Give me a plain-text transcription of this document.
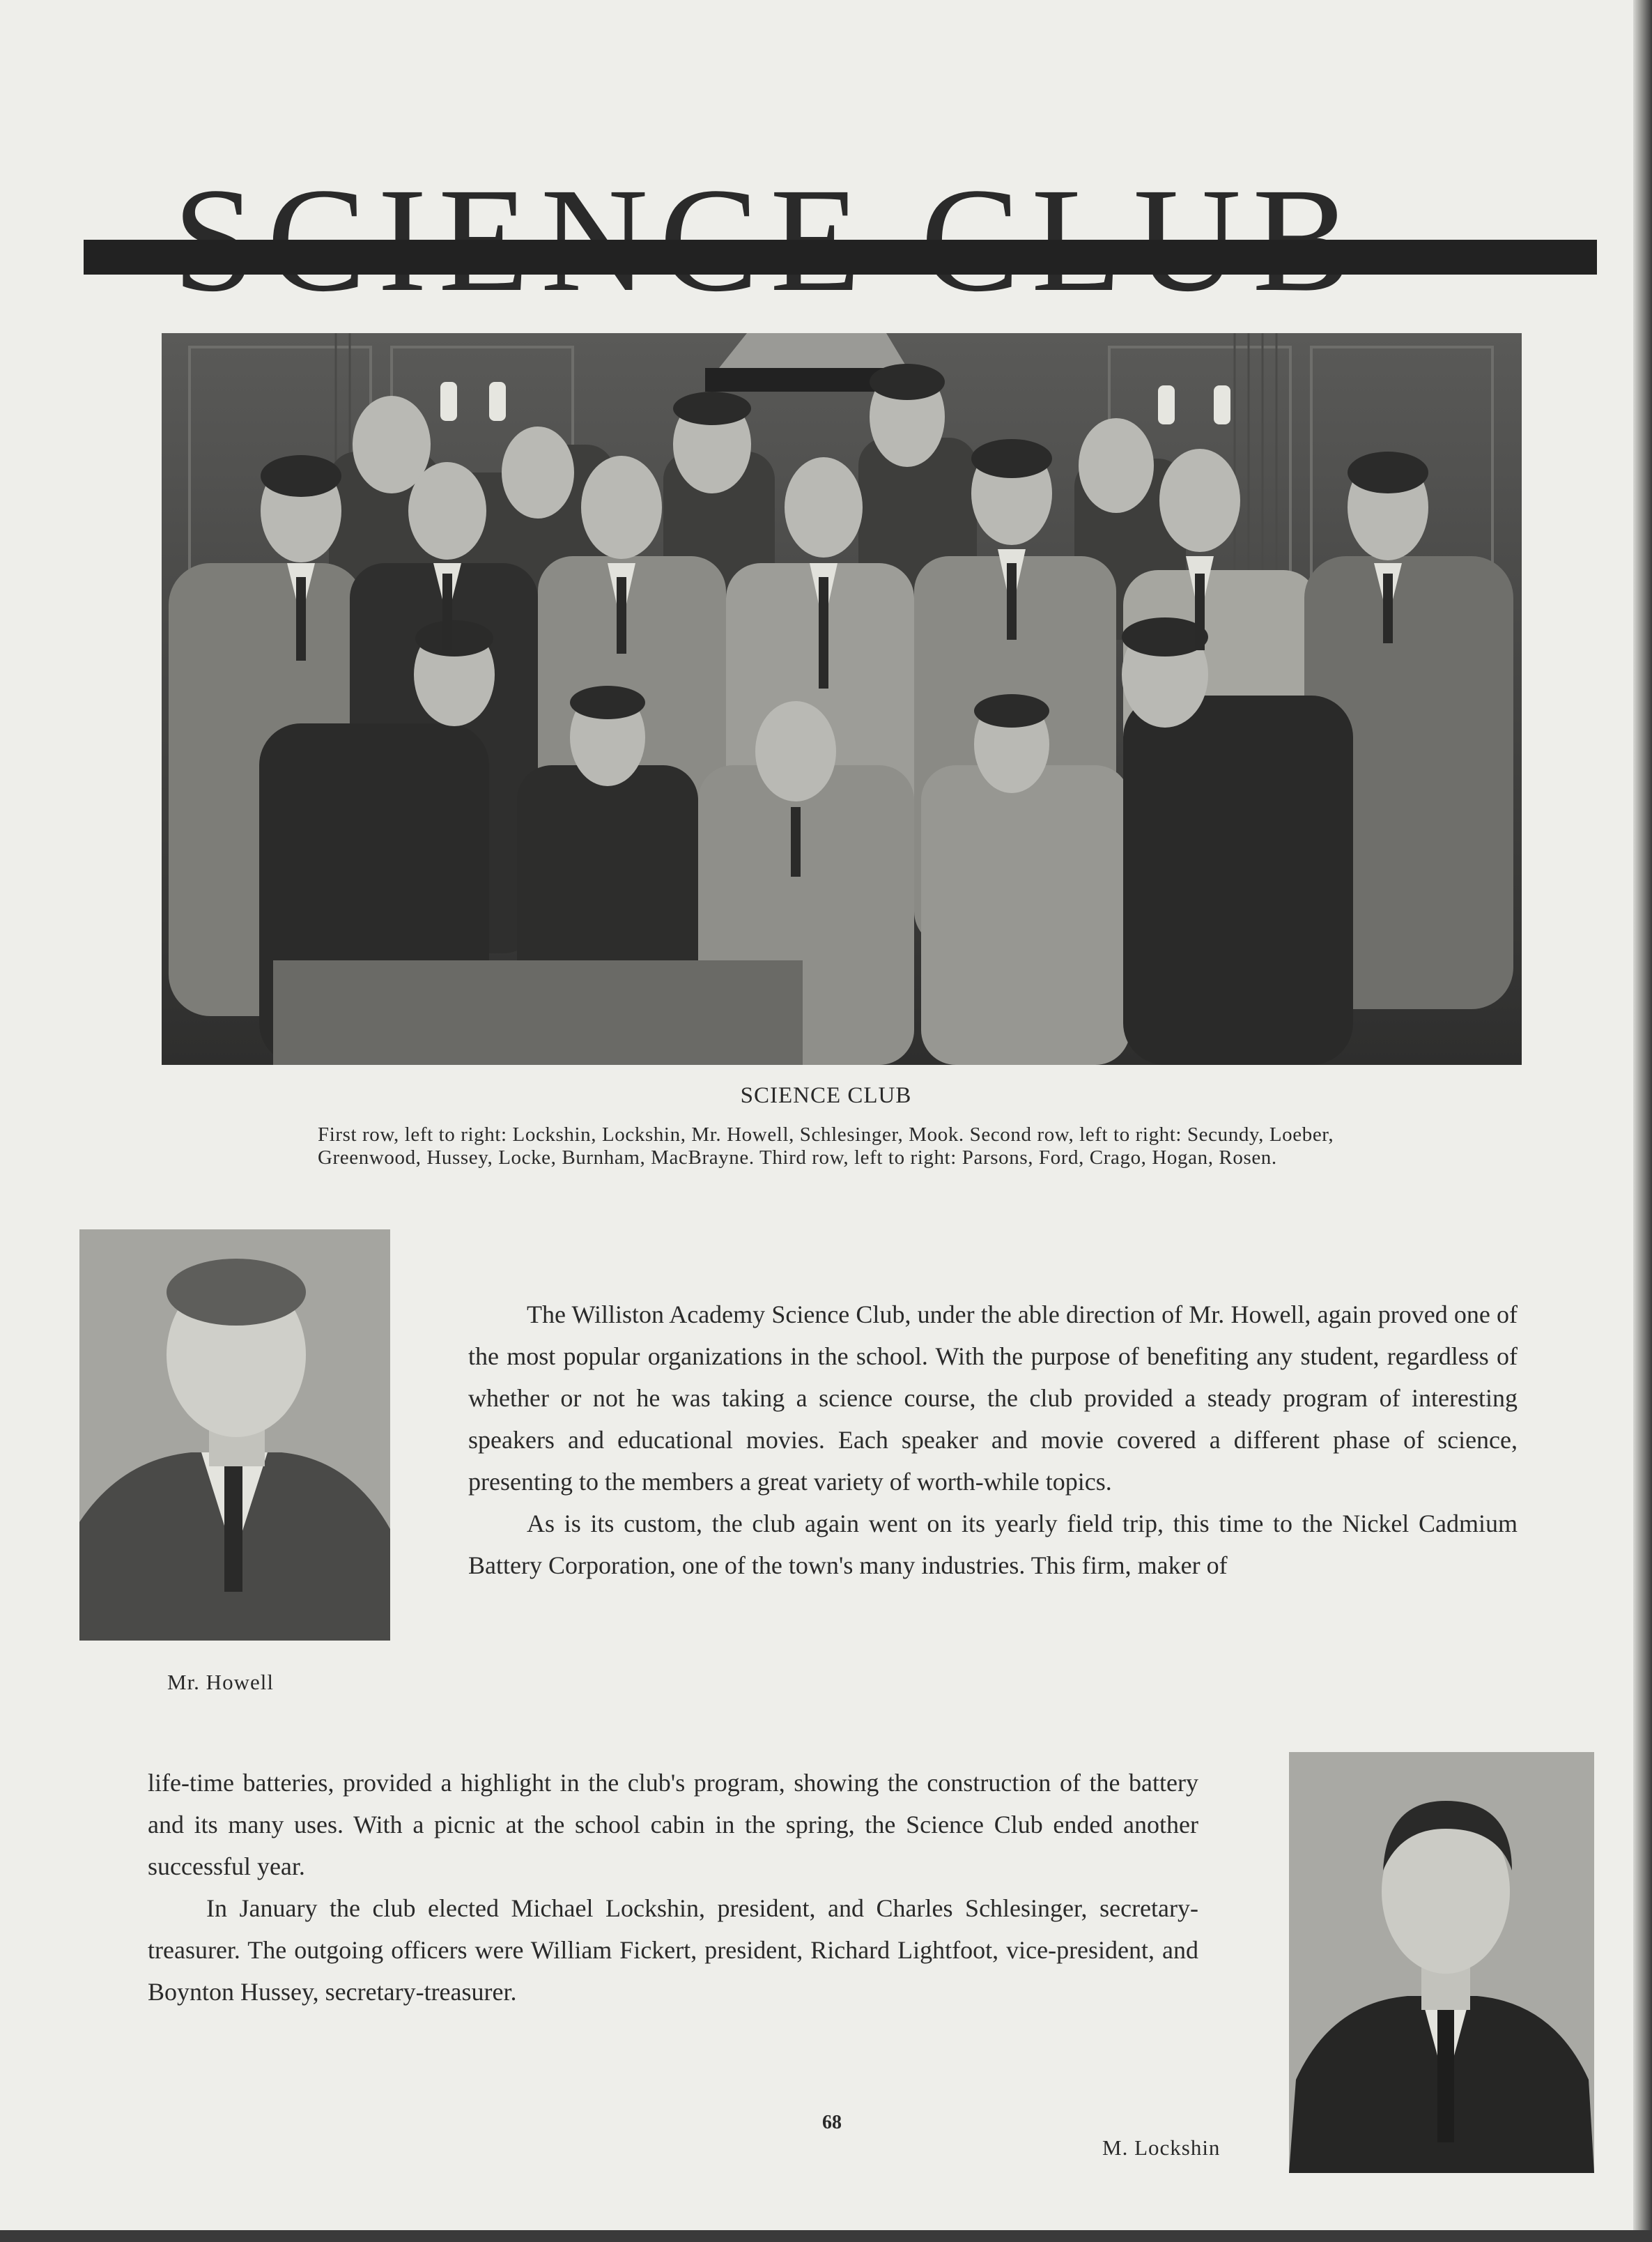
SCIENCE CLUB
First row, left to right: Lockshin, Lockshin, Mr. Howell, Schlesinger, Mook. Second row, left to right: Secundy, Loeber, Greenwood, Hussey, Locke, Burnham, MacBrayne. Third row, left to right: Parsons, Ford, Crago, Hogan, Rosen.
Mr. Howell

The Williston Academy Science Club, under the able direction of Mr. Howell, again proved one of the most popular organizations in the school. With the purpose of benefiting any student, regardless of whether or not he was taking a science course, the club provided a steady program of interesting speakers and educational movies. Each speaker and movie covered a different phase of science, presenting to the members a great variety of worth-while topics.

As is its custom, the club again went on its yearly field trip, this time to the Nickel Cadmium Battery Corporation, one of the town's many industries. This firm, maker of

life-time batteries, provided a highlight in the club's program, showing the construction of the battery and its many uses. With a picnic at the school cabin in the spring, the Science Club ended another successful year.

In January the club elected Michael Lockshin, president, and Charles Schlesinger, secretary-treasurer. The outgoing officers were William Fickert, president, Richard Lightfoot, vice-president, and Boynton Hussey, secretary-treasurer.

M. Lockshin
68
